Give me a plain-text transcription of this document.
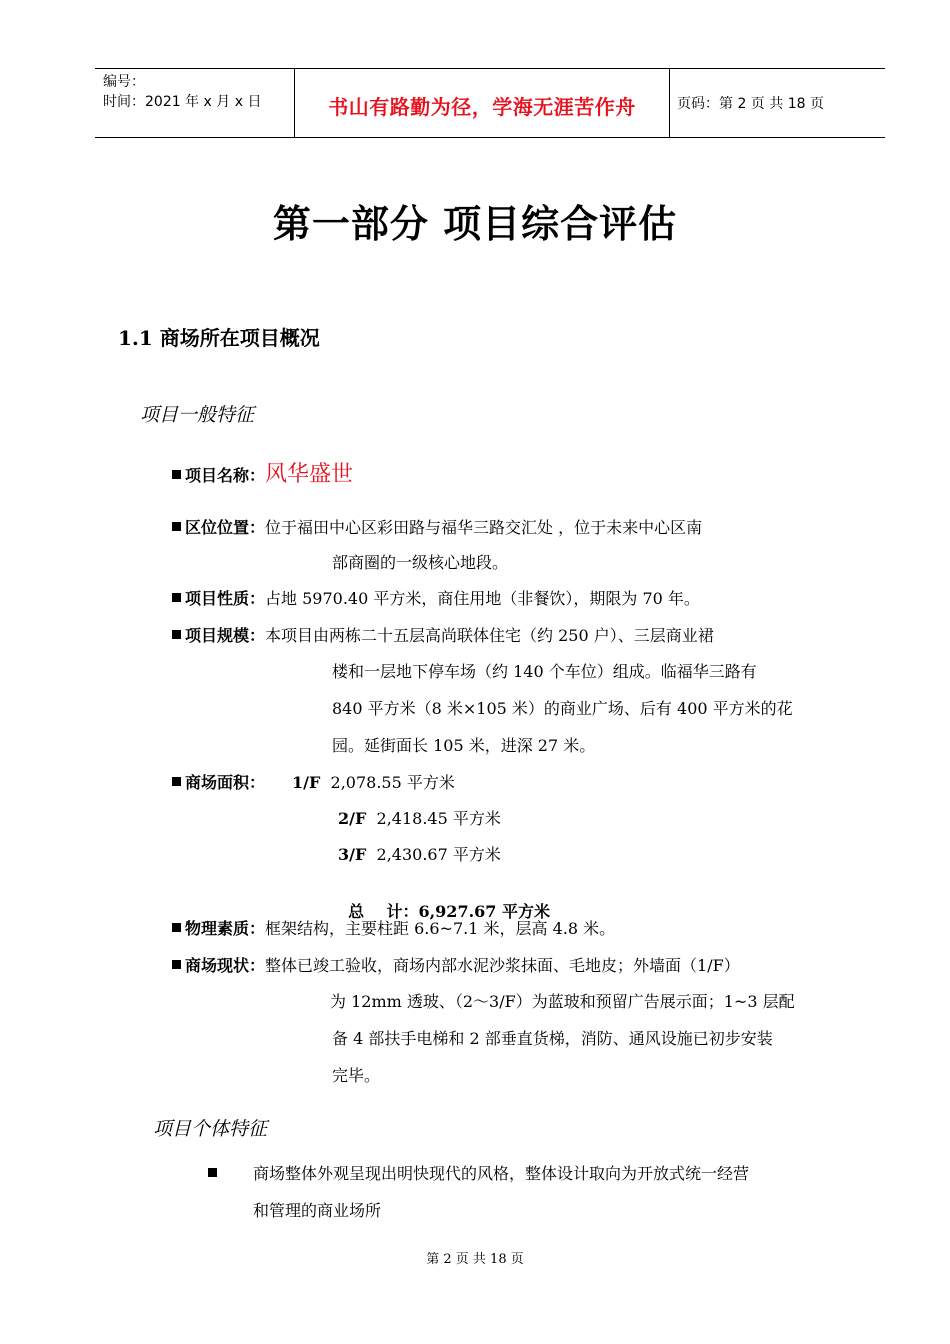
编号：
时间：2021 年 x 月 x 日	书山有路勤为径，学海无涯苦作舟	页码：第 2 页 共 18 页
第一部分 项目综合评估
1.1 商场所在项目概况
项目一般特征
项目名称：风华盛世
区位位置：位于福田中心区彩田路与福华三路交汇处 ，位于未来中心区南
部商圈的一级核心地段。
项目性质：占地 5970.40 平方米，商住用地（非餐饮），期限为 70 年。
项目规模：本项目由两栋二十五层高尚联体住宅（约 250 户）、三层商业裙
楼和一层地下停车场（约 140 个车位）组成。临福华三路有
840 平方米（8 米×105 米）的商业广场、后有 400 平方米的花
园。延街面长 105 米，进深 27 米。
商场面积： 1/F 2,078.55 平方米
2/F 2,418.45 平方米
3/F 2,430.67 平方米

总    计：6,927.67 平方米

物理素质：框架结构，主要柱距 6.6~7.1 米，层高 4.8 米。
商场现状：整体已竣工验收，商场内部水泥沙浆抹面、毛地皮；外墙面（1/F）
为 12mm 透玻、（2～3/F）为蓝玻和预留广告展示面；1~3 层配
备 4 部扶手电梯和 2 部垂直货梯，消防、通风设施已初步安装
完毕。
项目个体特征
商场整体外观呈现出明快现代的风格，整体设计取向为开放式统一经营
和管理的商业场所
第 2 页 共 18 页
